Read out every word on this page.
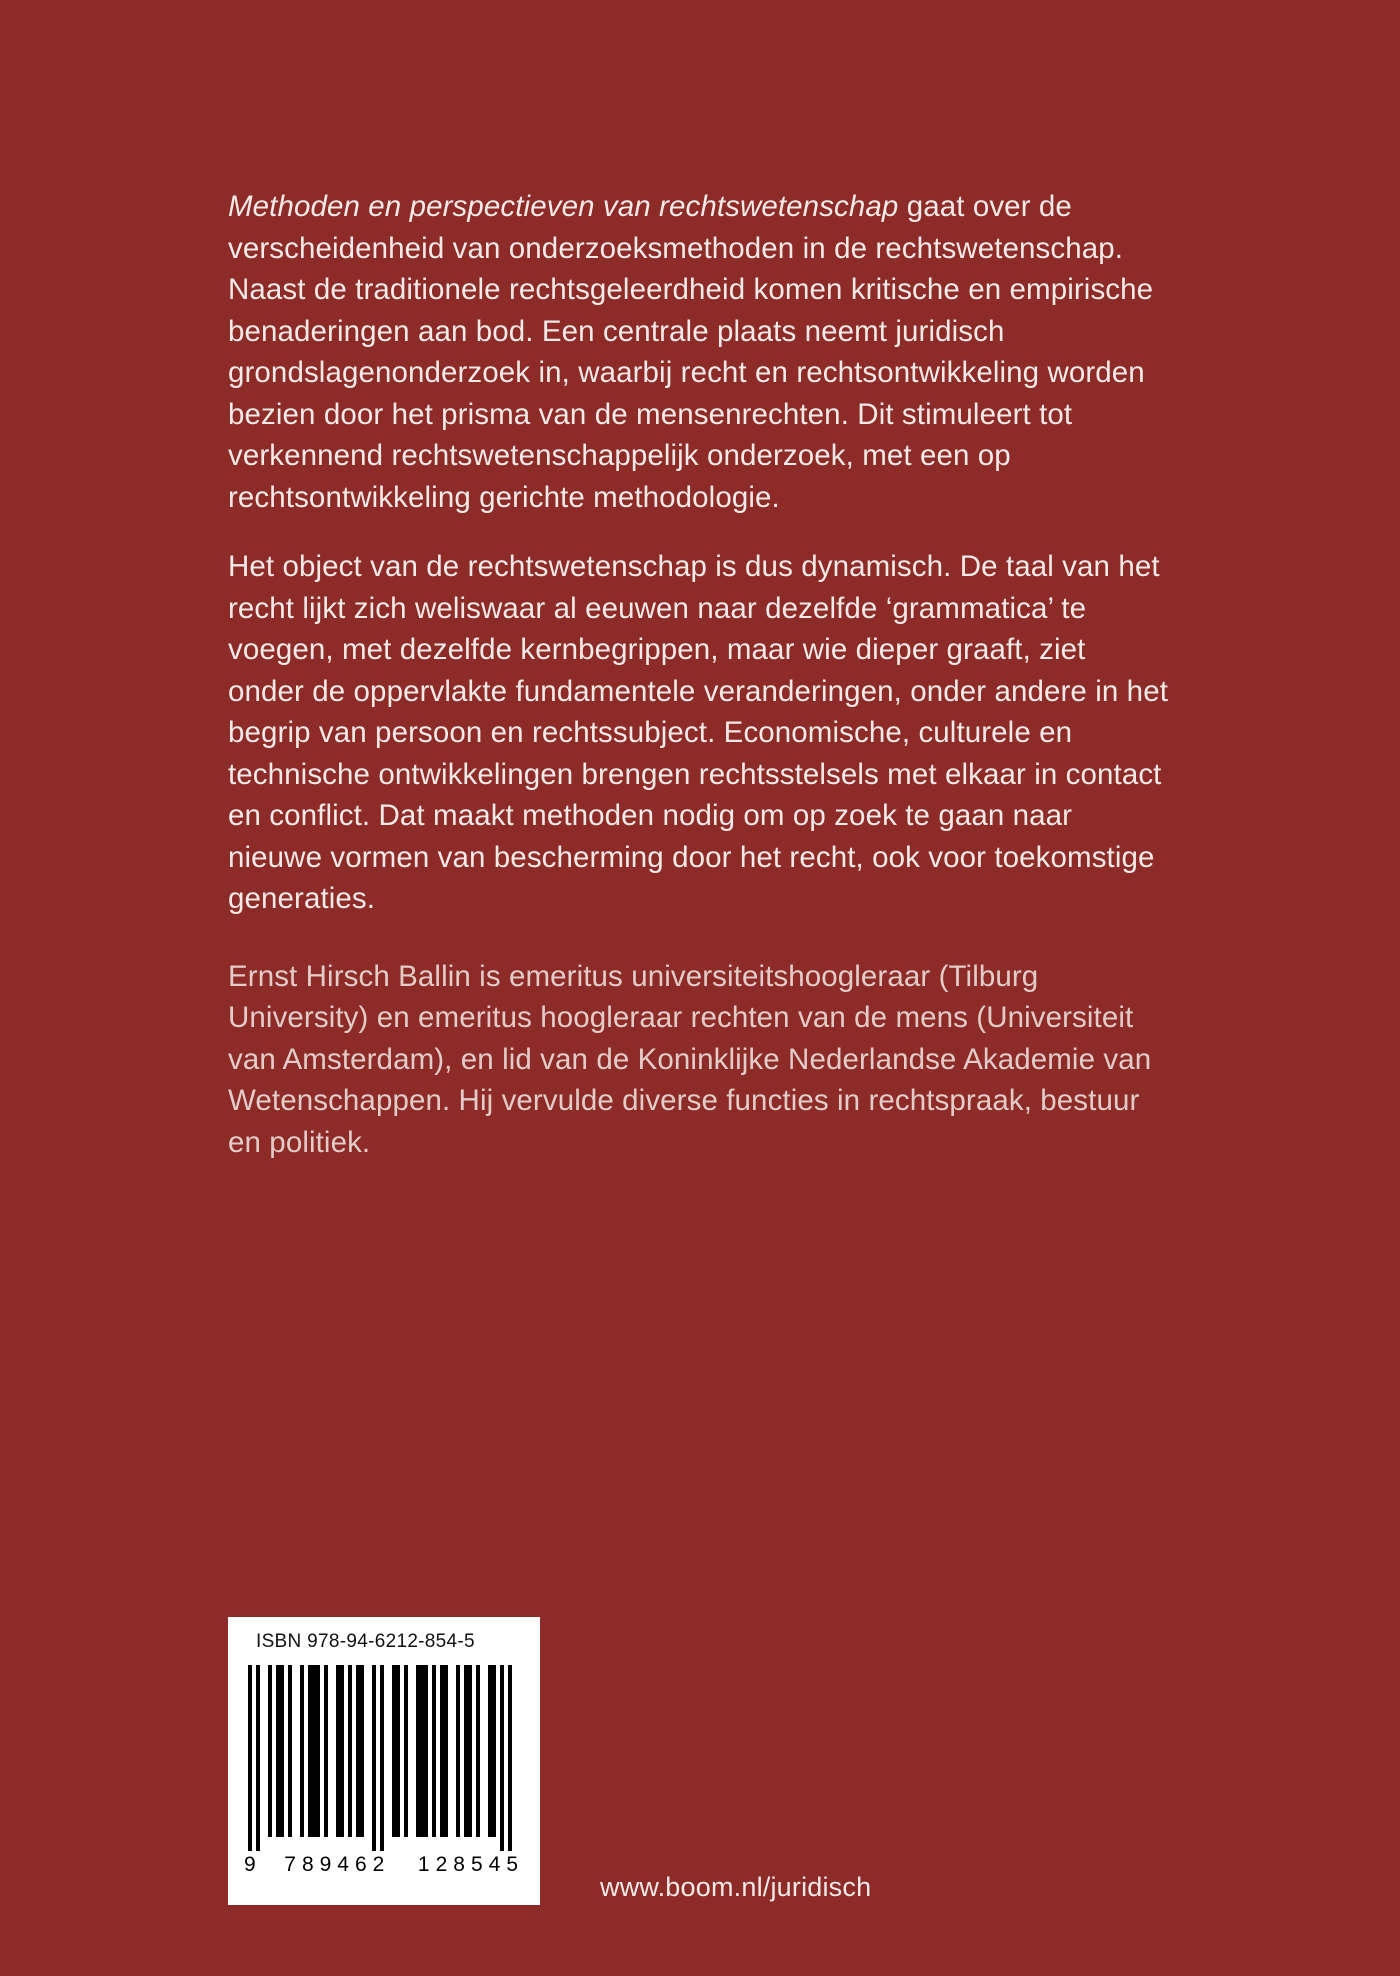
Methoden en perspectieven van rechtswetenschap gaat over de verscheidenheid van onderzoeksmethoden in de rechtswetenschap. Naast de traditionele rechtsgeleerdheid komen kritische en empirische benaderingen aan bod. Een centrale plaats neemt juridisch grondslagenonderzoek in, waarbij recht en rechtsontwikkeling worden bezien door het prisma van de mensenrechten. Dit stimuleert tot verkennend rechtswetenschappelijk onderzoek, met een op rechtsontwikkeling gerichte methodologie.

Het object van de rechtswetenschap is dus dynamisch. De taal van het recht lijkt zich weliswaar al eeuwen naar dezelfde ‘grammatica’ te voegen, met dezelfde kernbegrippen, maar wie dieper graaft, ziet onder de oppervlakte fundamentele veranderingen, onder andere in het begrip van persoon en rechtssubject. Economische, culturele en technische ontwikkelingen brengen rechtsstelsels met elkaar in contact en conflict. Dat maakt methoden nodig om op zoek te gaan naar nieuwe vormen van bescherming door het recht, ook voor toekomstige generaties.

Ernst Hirsch Ballin is emeritus universiteitshoogleraar (Tilburg University) en emeritus hoogleraar rechten van de mens (Universiteit van Amsterdam), en lid van de Koninklijke Nederlandse Akademie van Wetenschappen. Hij vervulde diverse functies in rechtspraak, bestuur en politiek.

ISBN 978-94-6212-854-5
9 789462 128545
www.boom.nl/juridisch
